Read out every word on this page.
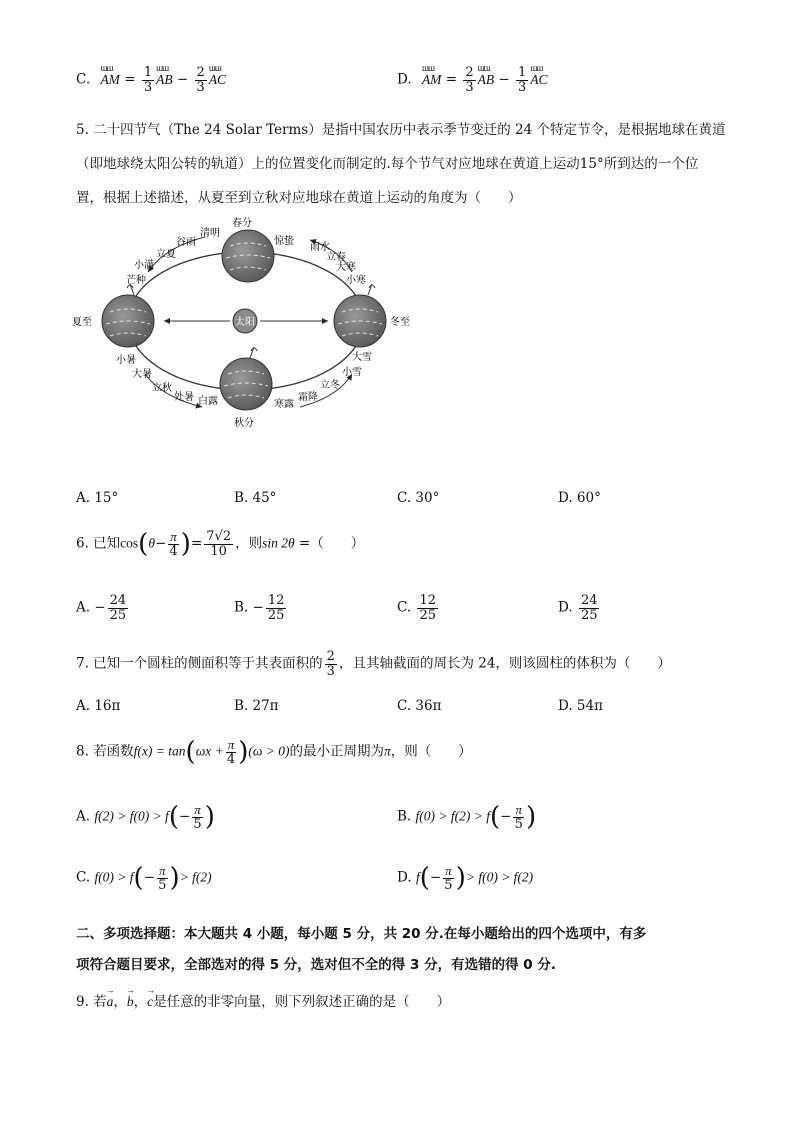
C. ɯɯ AM = $\frac{1}{3}$ ɯɯ AB − $\frac{2}{3}$ ɯɯ AC	D. ɯɯ AM = $\frac{2}{3}$ ɯɯ AB − $\frac{1}{3}$ ɯɯ AC
5. 二十四节气（The 24 Solar Terms）是指中国农历中表示季节变迁的 24 个特定节令，是根据地球在黄道
（即地球绕太阳公转的轨道）上的位置变化而制定的.每个节气对应地球在黄道上运动15°所到达的一个位
置，根据上述描述，从夏至到立秋对应地球在黄道上运动的角度为（　　）
太阳
春分
秋分
夏至	冬至
清明
谷雨
立夏
小满
芒种
惊蛰
雨水
立春
大寒
小寒
小暑
大暑
立秋
处暑 白露	寒露
霜降
立冬
小雪
大雪
A. 15°	B. 45°	C. 30°	D. 60°
6. 已知$\cos(\theta- \frac{\pi}{4}$ )= $\frac{7√2}{10}$ ，则sin 2θ =（　　）
A. − $\frac{24}{25}$	B. − $\frac{12}{25}$	C. $\frac{12}{25}$	D. $\frac{24}{25}$
7. 已知一个圆柱的侧面积等于其表面积的 $\frac{2}{3}$ ，且其轴截面的周长为 24，则该圆柱的体积为（　　）
A. 16π	B. 27π	C. 36π	D. 54π
8. 若函数$f(x) = \tan(\omega x + \frac{\pi}{4} )(\omega > 0)$的最小正周期为π，则（　　）
A. $f(2) > f(0) > f(- \frac{\pi}{5}$ )	B. $f(0) > f(2) > f(- \frac{\pi}{5}$ )
C. $f(0) > f(- \frac{\pi}{5}$ )> f(2)	D. $f(- \frac{\pi}{5}$ )> f(0) > f(2)
二、多项选择题：本大题共 4 小题，每小题 5 分，共 20 分.在每小题给出的四个选项中，有多
项符合题目要求，全部选对的得 5 分，选对但不全的得 3 分，有选错的得 0 分.
9. 若→ a，→ b，→ c是任意的非零向量，则下列叙述正确的是（　　）
